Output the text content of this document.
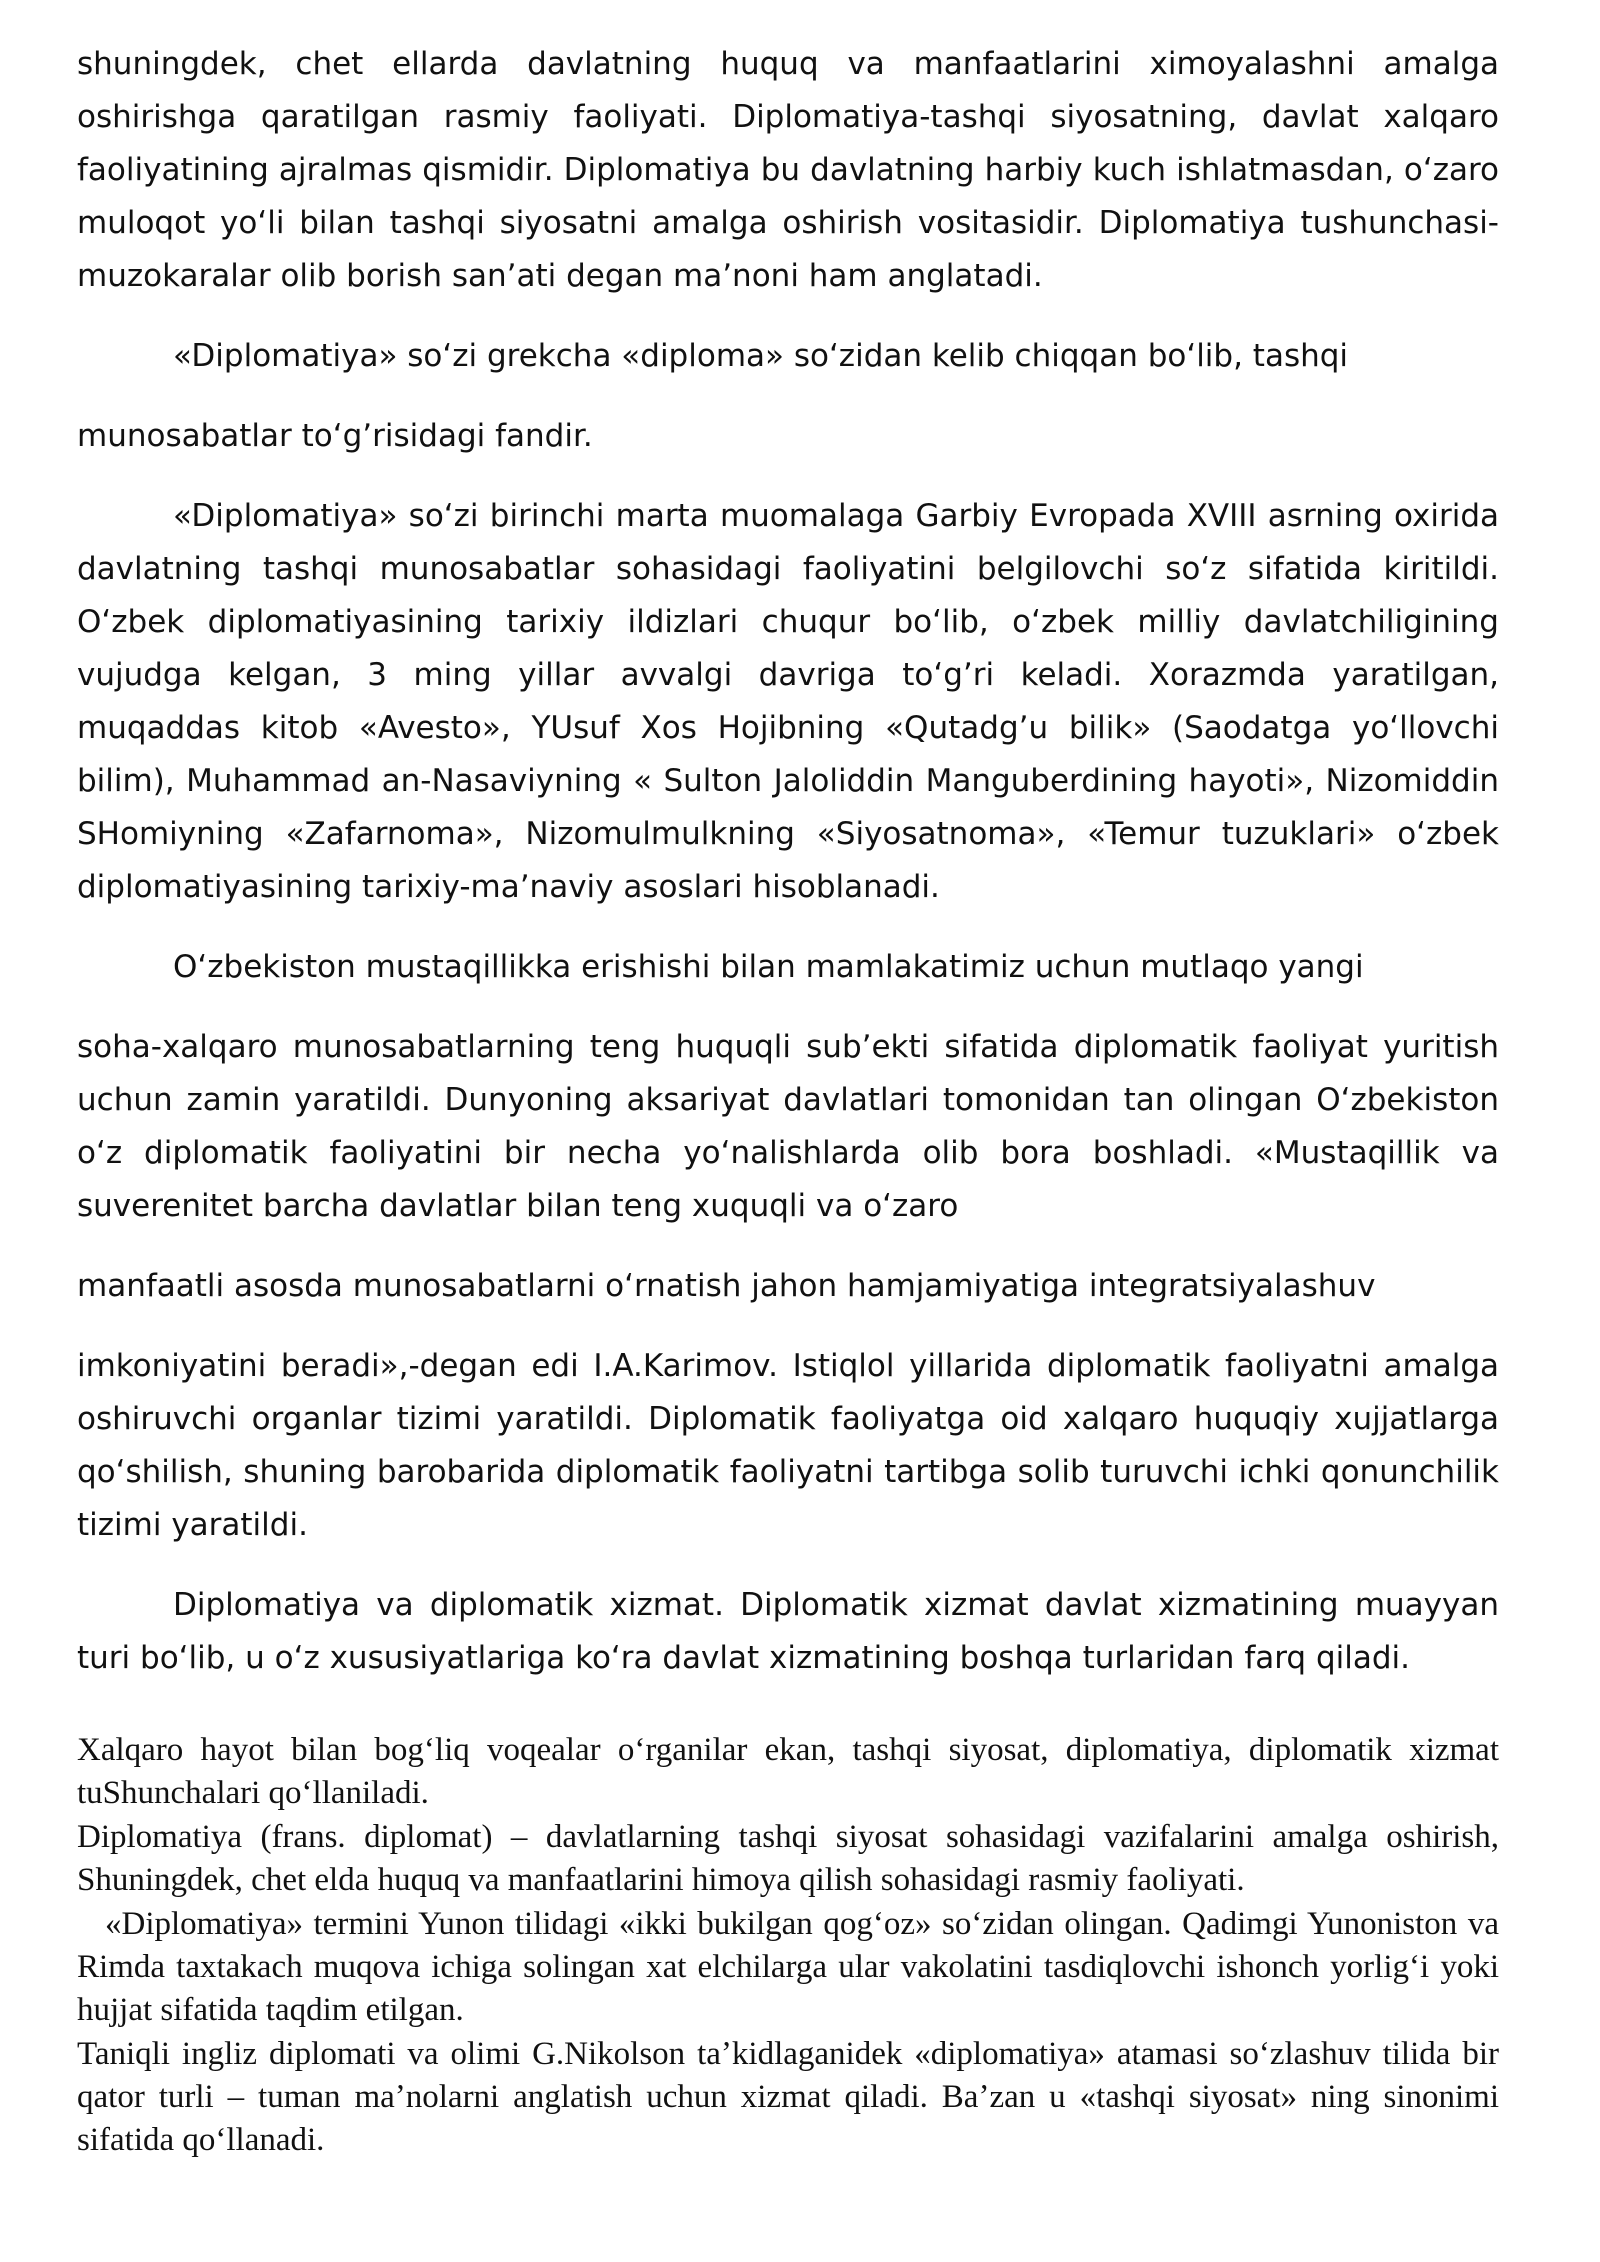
shuningdek, chet ellarda davlatning huquq va manfaatlarini ximoyalashni amalga oshirishga qaratilgan rasmiy faoliyati. Diplomatiya-tashqi siyosatning, davlat xalqaro faoliyatining ajralmas qismidir. Diplomatiya bu davlatning harbiy kuch ishlatmasdan, oʻzaro muloqot yoʻli bilan tashqi siyosatni amalga oshirish vositasidir. Diplomatiya tushunchasi-muzokaralar olib borish sanʼati degan maʼnoni ham anglatadi.

«Diplomatiya» soʻzi grekcha «diploma» soʻzidan kelib chiqqan boʻlib, tashqi

munosabatlar toʻg’risidagi fandir.

«Diplomatiya» soʻzi birinchi marta muomalaga Garbiy Evropada XVIII asrning oxirida davlatning tashqi munosabatlar sohasidagi faoliyatini belgilovchi soʻz sifatida kiritildi. Oʻzbek diplomatiyasining tarixiy ildizlari chuqur boʻlib, oʻzbek milliy davlatchiligining vujudga kelgan, 3 ming yillar avvalgi davriga toʻg’ri keladi. Xorazmda yaratilgan, muqaddas kitob «Avesto», YUsuf Xos Hojibning «Qutadg’u bilik» (Saodatga yoʻllovchi bilim), Muhammad an-Nasaviyning « Sulton Jaloliddin Manguberdining hayoti», Nizomiddin SHomiyning «Zafarnoma», Nizomulmulkning «Siyosatnoma», «Temur tuzuklari» oʻzbek diplomatiyasining tarixiy-maʼnaviy asoslari hisoblanadi.

Oʻzbekiston mustaqillikka erishishi bilan mamlakatimiz uchun mutlaqo yangi

soha-xalqaro munosabatlarning teng huquqli subʼekti sifatida diplomatik faoliyat yuritish uchun zamin yaratildi. Dunyoning aksariyat davlatlari tomonidan tan olingan Oʻzbekiston oʻz diplomatik faoliyatini bir necha yoʻnalishlarda olib bora boshladi. «Mustaqillik va suverenitet barcha davlatlar bilan teng xuquqli va oʻzaro

manfaatli asosda munosabatlarni oʻrnatish jahon hamjamiyatiga integratsiyalashuv

imkoniyatini beradi»,-degan edi I.A.Karimov. Istiqlol yillarida diplomatik faoliyatni amalga oshiruvchi organlar tizimi yaratildi. Diplomatik faoliyatga oid xalqaro huquqiy xujjatlarga qoʻshilish, shuning barobarida diplomatik faoliyatni tartibga solib turuvchi ichki qonunchilik tizimi yaratildi.

Diplomatiya va diplomatik xizmat. Diplomatik xizmat davlat xizmatining muayyan turi boʻlib, u oʻz xususiyatlariga koʻra davlat xizmatining boshqa turlaridan farq qiladi.

Xalqaro hayot bilan bogʻliq voqealar oʻrganilar ekan, tashqi siyosat, diplomatiya, diplomatik xizmat tuShunchalari qoʻllaniladi.

Diplomatiya (frans. diplomat) – davlatlarning tashqi siyosat sohasidagi vazifalarini amalga oshirish, Shuningdek, chet elda huquq va manfaatlarini himoya qilish sohasidagi rasmiy faoliyati.

«Diplomatiya» termini Yunon tilidagi «ikki bukilgan qogʻoz» soʻzidan olingan. Qadimgi Yunoniston va Rimda taxtakach muqova ichiga solingan xat elchilarga ular vakolatini tasdiqlovchi ishonch yorligʻi yoki hujjat sifatida taqdim etilgan.

Taniqli ingliz diplomati va olimi G.Nikolson taʼkidlaganidek «diplomatiya» atamasi soʻzlashuv tilida bir qator turli – tuman maʼnolarni anglatish uchun xizmat qiladi. Baʼzan u «tashqi siyosat» ning sinonimi sifatida qoʻllanadi.
